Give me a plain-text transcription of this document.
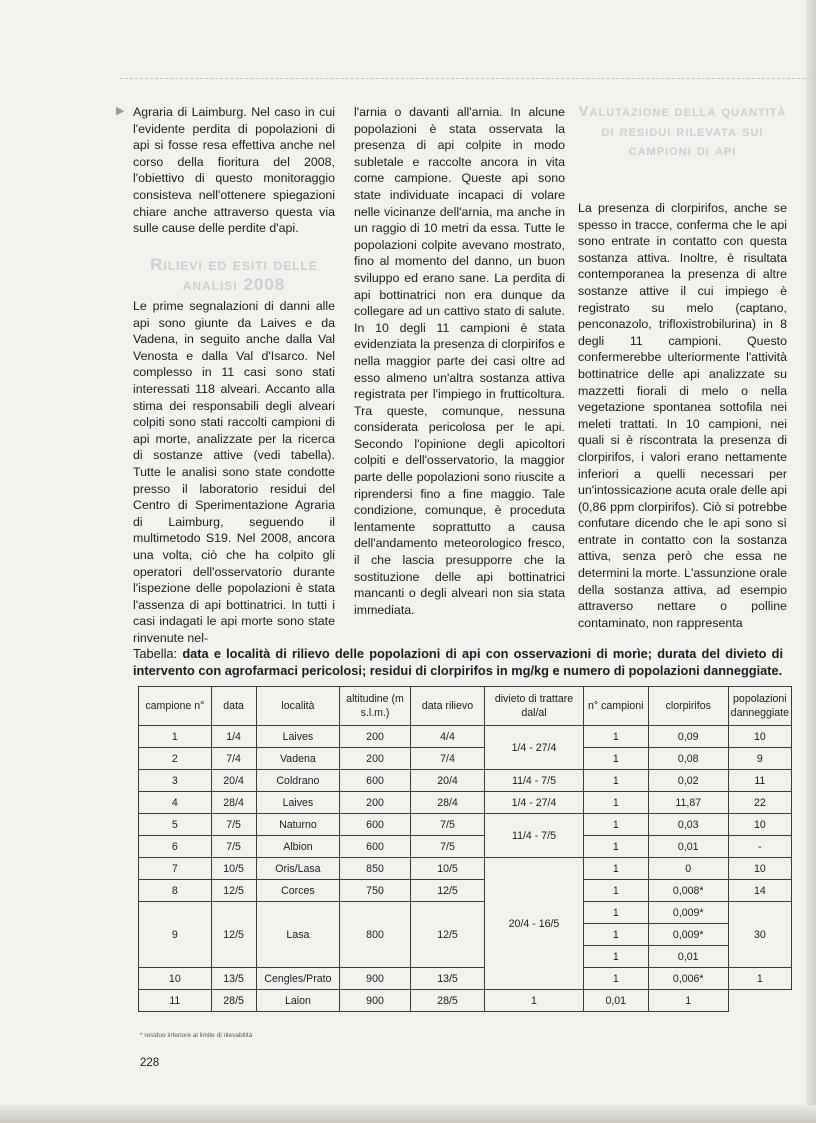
▶ Agraria di Laimburg. Nel caso in cui l'evidente perdita di popolazioni di api si fosse resa effettiva anche nel corso della fioritura del 2008, l'obiettivo di questo monitoraggio consisteva nell'ottenere spiegazioni chiare anche attraverso questa via sulle cause delle perdite d'api.

Rilievi ed esiti delle analisi 2008

Le prime segnalazioni di danni alle api sono giunte da Laives e da Vadena, in seguito anche dalla Val Venosta e dalla Val d'Isarco. Nel complesso in 11 casi sono stati interessati 118 alveari. Accanto alla stima dei responsabili degli alveari colpiti sono stati raccolti campioni di api morte, analizzate per la ricerca di sostanze attive (vedi tabella). Tutte le analisi sono state condotte presso il laboratorio residui del Centro di Sperimentazione Agraria di Laimburg, seguendo il multimetodo S19. Nel 2008, ancora una volta, ciò che ha colpito gli operatori dell'osservatorio durante l'ispezione delle popolazioni è stata l'assenza di api bottinatrici. In tutti i casi indagati le api morte sono state rinvenute nel-

l'arnia o davanti all'arnia. In alcune popolazioni è stata osservata la presenza di api colpite in modo subletale e raccolte ancora in vita come campione. Queste api sono state individuate incapaci di volare nelle vicinanze dell'arnia, ma anche in un raggio di 10 metri da essa. Tutte le popolazioni colpite avevano mostrato, fino al momento del danno, un buon sviluppo ed erano sane. La perdita di api bottinatrici non era dunque da collegare ad un cattivo stato di salute. In 10 degli 11 campioni è stata evidenziata la presenza di clorpirifos e nella maggior parte dei casi oltre ad esso almeno un'altra sostanza attiva registrata per l'impiego in frutticoltura. Tra queste, comunque, nessuna considerata pericolosa per le api. Secondo l'opinione degli apicoltori colpiti e dell'osservatorio, la maggior parte delle popolazioni sono riuscite a riprendersi fino a fine maggio. Tale condizione, comunque, è proceduta lentamente soprattutto a causa dell'andamento meteorologico fresco, il che lascia presupporre che la sostituzione delle api bottinatrici mancanti o degli alveari non sia stata immediata.

Valutazione della quantità di residui rilevata sui campioni di api

La presenza di clorpirifos, anche se spesso in tracce, conferma che le api sono entrate in contatto con questa sostanza attiva. Inoltre, è risultata contemporanea la presenza di altre sostanze attive il cui impiego è registrato su melo (captano, penconazolo, trifloxistrobilurina) in 8 degli 11 campioni. Questo confermerebbe ulteriormente l'attività bottinatrice delle api analizzate su mazzetti fiorali di melo o nella vegetazione spontanea sottofila nei meleti trattati. In 10 campioni, nei quali si è riscontrata la presenza di clorpirifos, i valori erano nettamente inferiori a quelli necessari per un'intossicazione acuta orale delle api (0,86 ppm clorpirifos). Ciò si potrebbe confutare dicendo che le api sono sì entrate in contatto con la sostanza attiva, senza però che essa ne determini la morte. L'assunzione orale della sostanza attiva, ad esempio attraverso nettare o polline contaminato, non rappresenta

Tabella: data e località di rilievo delle popolazioni di api con osservazioni di morìe; durata del divieto di intervento con agrofarmaci pericolosi; residui di clorpirifos in mg/kg e numero di popolazioni danneggiate.
campione n°	data	località	altitudine (m s.l.m.)	data rilievo	divieto di trattare dal/al	n° campioni	clorpirifos	popolazioni danneggiate
1	1/4	Laives	200	4/4	1/4 - 27/4	1	0,09	10
2	7/4	Vadena	200	7/4		1	0,08	9
3	20/4	Coldrano	600	20/4	11/4 - 7/5	1	0,02	11
4	28/4	Laives	200	28/4	1/4 - 27/4	1	11,87	22
5	7/5	Naturno	600	7/5	11/4 - 7/5	1	0,03	10
6	7/5	Albion	600	7/5		1	0,01	-
7	10/5	Oris/Lasa	850	10/5	20/4 - 16/5	1	0	10
8	12/5	Corces	750	12/5		1	0,008*	14
9	12/5	Lasa	800	12/5		1	0,009*	30
						1	0,009*	
						1	0,01	
10	13/5	Cengles/Prato	900	13/5		1	0,006*	1
11	28/5	Laion	900	28/5	1	0,01	1	
* residuo inferiore al limite di rilevabilità
228
